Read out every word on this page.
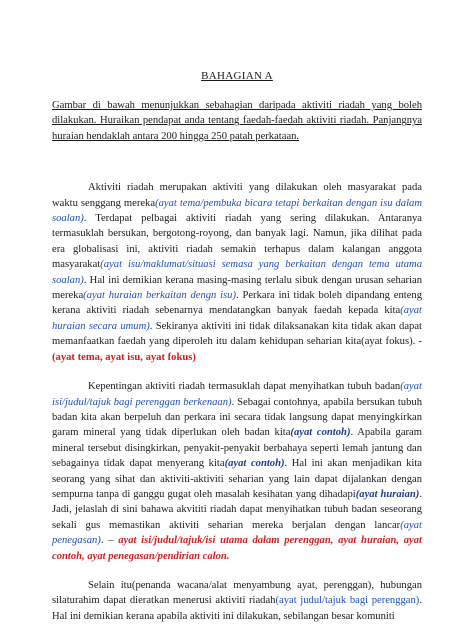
BAHAGIAN A
Gambar di bawah menunjukkan sebahagian daripada aktiviti riadah yang boleh dilakukan. Huraikan pendapat anda tentang faedah-faedah aktiviti riadah. Panjangnya huraian hendaklah antara 200 hingga 250 patah perkataan.
Aktiviti riadah merupakan aktiviti yang dilakukan oleh masyarakat pada waktu senggang mereka(ayat tema/pembuka bicara tetapi berkaitan dengan isu dalam soalan). Terdapat pelbagai aktiviti riadah yang sering dilakukan. Antaranya termasuklah bersukan, bergotong-royong, dan banyak lagi. Namun, jika dilihat pada era globalisasi ini, aktiviti riadah semakin terhapus dalam kalangan anggota masyarakat(ayat isu/maklumat/situasi semasa yang berkaitan dengan tema utama soalan). Hal ini demikian kerana masing-masing terlalu sibuk dengan urusan seharian mereka(ayat huraian berkaitan dengn isu). Perkara ini tidak boleh dipandang enteng kerana aktiviti riadah sebenarnya mendatangkan banyak faedah kepada kita(ayat huraian secara umum). Sekiranya aktiviti ini tidak dilaksanakan kita tidak akan dapat memanfaatkan faedah yang diperoleh itu dalam kehidupan seharian kita(ayat fokus). - (ayat tema, ayat isu, ayat fokus)
Kepentingan aktiviti riadah termasuklah dapat menyihatkan tubuh badan(ayat isi/judul/tajuk bagi perenggan berkenaan). Sebagai contohnya, apabila bersukan tubuh badan kita akan berpeluh dan perkara ini secara tidak langsung dapat menyingkirkan garam mineral yang tidak diperlukan oleh badan kita(ayat contoh). Apabila garam mineral tersebut disingkirkan, penyakit-penyakit berbahaya seperti lemah jantung dan sebagainya tidak dapat menyerang kita(ayat contoh). Hal ini akan menjadikan kita seorang yang sihat dan aktiviti-aktiviti seharian yang lain dapat dijalankan dengan sempurna tanpa di ganggu gugat oleh masalah kesihatan yang dihadapi(ayat huraian). Jadi, jelaslah di sini bahawa akvititi riadah dapat menyihatkan tubuh badan seseorang sekali gus memastikan aktiviti seharian mereka berjalan dengan lancar(ayat penegasan). – ayat isi/judul/tajuk/isi utama dalam perenggan, ayat huraian, ayat contoh, ayat penegasan/pendirian calon.
Selain itu(penanda wacana/alat menyambung ayat, perenggan), hubungan silaturahim dapat dieratkan menerusi aktiviti riadah(ayat judul/tajuk bagi perenggan). Hal ini demikian kerana apabila aktiviti ini dilakukan, sebilangan besar komuniti
